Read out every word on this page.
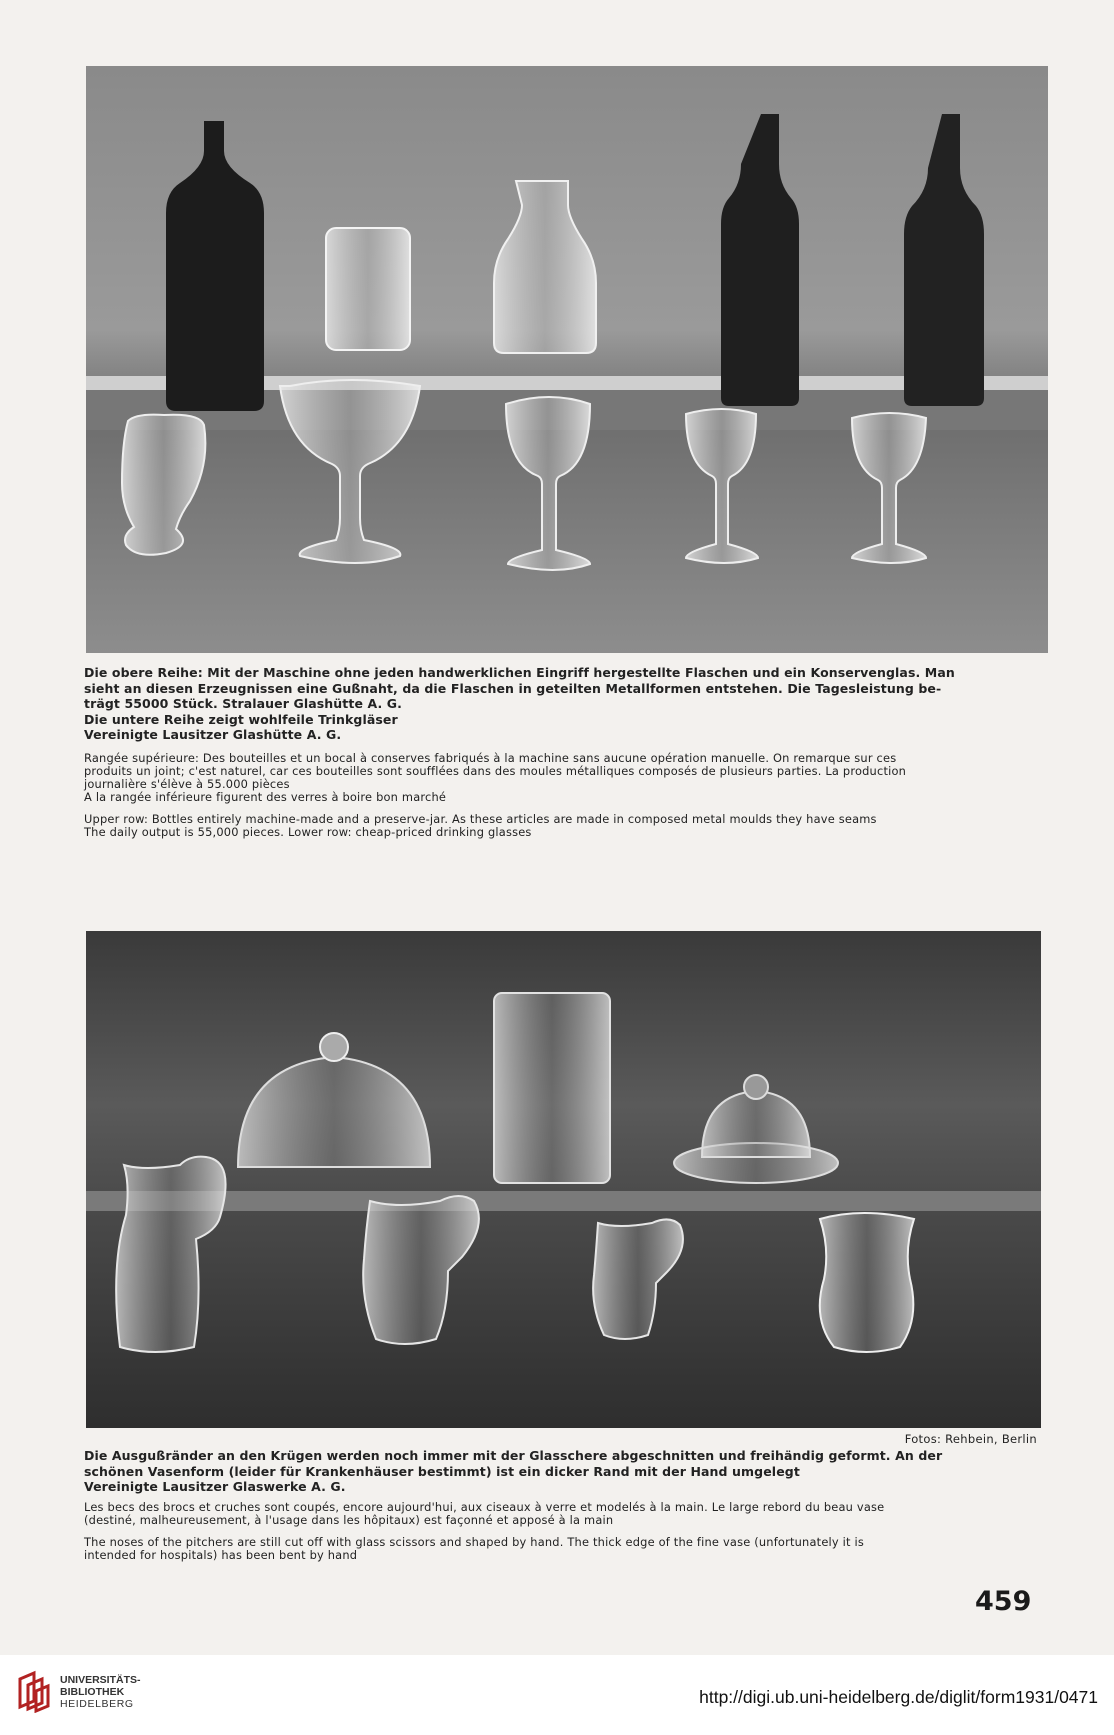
Die obere Reihe: Mit der Maschine ohne jeden handwerklichen Eingriff hergestellte Flaschen und ein Konservenglas. Man
sieht an diesen Erzeugnissen eine Gußnaht, da die Flaschen in geteilten Metallformen entstehen. Die Tagesleistung be-
trägt 55000 Stück. Stralauer Glashütte A. G.
Die untere Reihe zeigt wohlfeile Trinkgläser
Vereinigte Lausitzer Glashütte A. G.

Rangée supérieure: Des bouteilles et un bocal à conserves fabriqués à la machine sans aucune opération manuelle. On remarque sur ces
produits un joint; c'est naturel, car ces bouteilles sont soufflées dans des moules métalliques composés de plusieurs parties. La production
journalière s'élève à 55.000 pièces
A la rangée inférieure figurent des verres à boire bon marché

Upper row: Bottles entirely machine-made and a preserve-jar. As these articles are made in composed metal moulds they have seams
The daily output is 55,000 pieces. Lower row: cheap-priced drinking glasses

Fotos: Rehbein, Berlin

Die Ausgußränder an den Krügen werden noch immer mit der Glasschere abgeschnitten und freihändig geformt. An der
schönen Vasenform (leider für Krankenhäuser bestimmt) ist ein dicker Rand mit der Hand umgelegt
Vereinigte Lausitzer Glaswerke A. G.

Les becs des brocs et cruches sont coupés, encore aujourd'hui, aux ciseaux à verre et modelés à la main. Le large rebord du beau vase
(destiné, malheureusement, à l'usage dans les hôpitaux) est façonné et apposé à la main

The noses of the pitchers are still cut off with glass scissors and shaped by hand. The thick edge of the fine vase (unfortunately it is
intended for hospitals) has been bent by hand

459
UNIVERSITÄTS-
BIBLIOTHEK
HEIDELBERG	http://digi.ub.uni-heidelberg.de/diglit/form1931/0471
